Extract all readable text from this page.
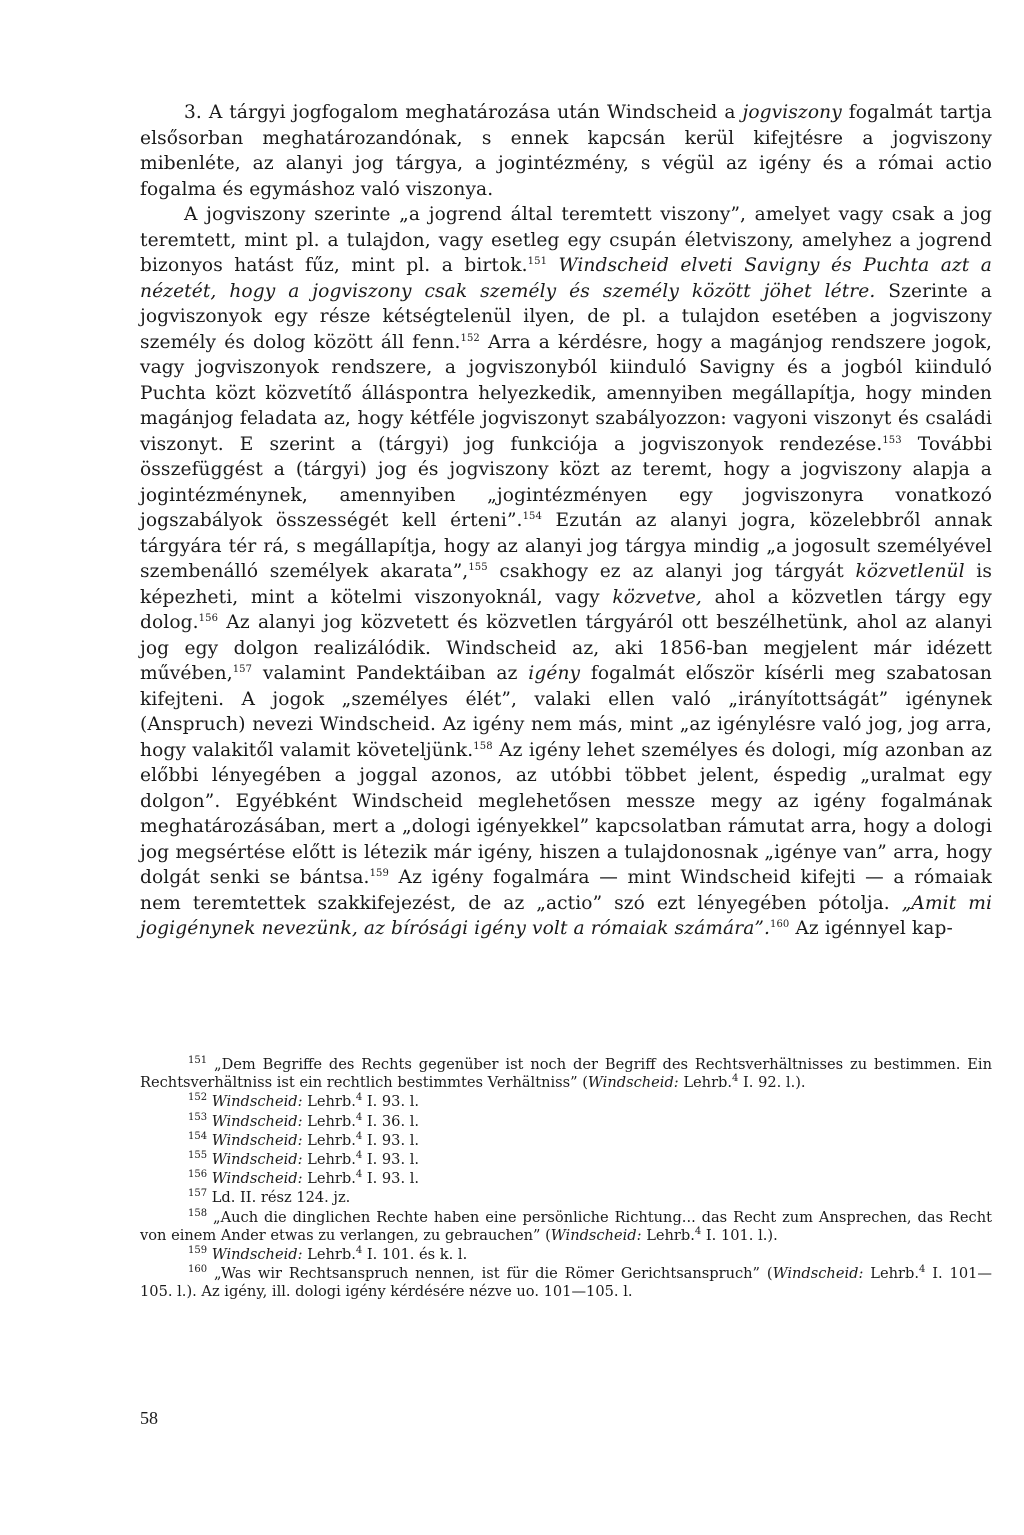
3. A tárgyi jogfogalom meghatározása után Windscheid a jogviszony fogalmát tartja elsősorban meghatározandónak, s ennek kapcsán kerül kifejtésre a jogviszony mibenléte, az alanyi jog tárgya, a jogintézmény, s végül az igény és a római actio fogalma és egymáshoz való viszonya.

A jogviszony szerinte „a jogrend által teremtett viszony”, amelyet vagy csak a jog teremtett, mint pl. a tulajdon, vagy esetleg egy csupán életviszony, amelyhez a jogrend bizonyos hatást fűz, mint pl. a birtok.$^{151}$ Windscheid elveti Savigny és Puchta azt a nézetét, hogy a jogviszony csak személy és személy között jöhet létre. Szerinte a jogviszonyok egy része kétségtelenül ilyen, de pl. a tulajdon esetében a jogviszony személy és dolog között áll fenn.$^{152}$ Arra a kérdésre, hogy a magánjog rendszere jogok, vagy jogviszonyok rendszere, a jogviszonyból kiinduló Savigny és a jogból kiinduló Puchta közt közvetítő álláspontra helyezkedik, amennyiben megállapítja, hogy minden magánjog feladata az, hogy kétféle jogviszonyt szabályozzon: vagyoni viszonyt és családi viszonyt. E szerint a (tárgyi) jog funkciója a jogviszonyok rendezése.$^{153}$ További összefüggést a (tárgyi) jog és jogviszony közt az teremt, hogy a jogviszony alapja a jogintézménynek, amennyiben „jogintézményen egy jogviszonyra vonatkozó jogszabályok összességét kell érteni”.$^{154}$ Ezután az alanyi jogra, közelebbről annak tárgyára tér rá, s megállapítja, hogy az alanyi jog tárgya mindig „a jogosult személyével szembenálló személyek akarata”,$^{155}$ csakhogy ez az alanyi jog tárgyát közvetlenül is képezheti, mint a kötelmi viszonyoknál, vagy közvetve, ahol a közvetlen tárgy egy dolog.$^{156}$ Az alanyi jog közvetett és közvetlen tárgyáról ott beszélhetünk, ahol az alanyi jog egy dolgon realizálódik. Windscheid az, aki 1856-ban megjelent már idézett művében,$^{157}$ valamint Pandektáiban az igény fogalmát először kísérli meg szabatosan kifejteni. A jogok „személyes élét”, valaki ellen való „irányítottságát” igénynek (Anspruch) nevezi Windscheid. Az igény nem más, mint „az igénylésre való jog, jog arra, hogy valakitől valamit követeljünk.$^{158}$ Az igény lehet személyes és dologi, míg azonban az előbbi lényegében a joggal azonos, az utóbbi többet jelent, éspedig „uralmat egy dolgon”. Egyébként Windscheid meglehetősen messze megy az igény fogalmának meghatározásában, mert a „dologi igényekkel” kapcsolatban rámutat arra, hogy a dologi jog megsértése előtt is létezik már igény, hiszen a tulajdonosnak „igénye van” arra, hogy dolgát senki se bántsa.$^{159}$ Az igény fogalmára — mint Windscheid kifejti — a rómaiak nem teremtettek szakkifejezést, de az „actio” szó ezt lényegében pótolja. „Amit mi jogigénynek nevezünk, az bírósági igény volt a rómaiak számára”.$^{160}$ Az igénnyel kap-

$^{151}$ „Dem Begriffe des Rechts gegenüber ist noch der Begriff des Rechtsverhältnisses zu bestimmen. Ein Rechtsverhältniss ist ein rechtlich bestimmtes Verhältniss” (Windscheid: Lehrb.$^4$ I. 92. l.).

$^{152}$ Windscheid: Lehrb.$^4$ I. 93. l.

$^{153}$ Windscheid: Lehrb.$^4$ I. 36. l.

$^{154}$ Windscheid: Lehrb.$^4$ I. 93. l.

$^{155}$ Windscheid: Lehrb.$^4$ I. 93. l.

$^{156}$ Windscheid: Lehrb.$^4$ I. 93. l.

$^{157}$ Ld. II. rész 124. jz.

$^{158}$ „Auch die dinglichen Rechte haben eine persönliche Richtung... das Recht zum Ansprechen, das Recht von einem Ander etwas zu verlangen, zu gebrauchen” (Windscheid: Lehrb.$^4$ I. 101. l.).

$^{159}$ Windscheid: Lehrb.$^4$ I. 101. és k. l.

$^{160}$ „Was wir Rechtsanspruch nennen, ist für die Römer Gerichtsanspruch” (Windscheid: Lehrb.$^4$ I. 101—105. l.). Az igény, ill. dologi igény kérdésére nézve uo. 101—105. l.

58
